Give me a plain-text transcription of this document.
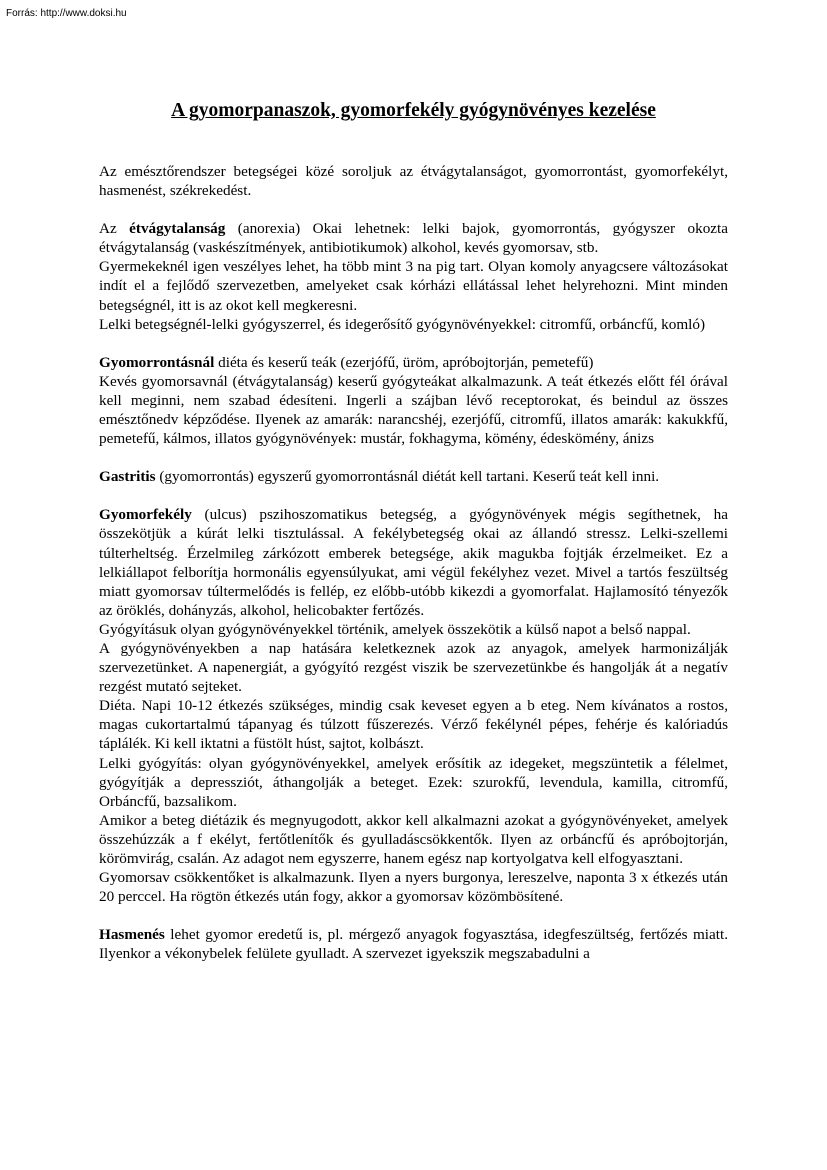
Forrás: http://www.doksi.hu
A gyomorpanaszok, gyomorfekély gyógynövényes kezelése

Az emésztőrendszer betegségei közé soroljuk az étvágytalanságot, gyomorrontást, gyomorfekélyt, hasmenést, székrekedést.

Az étvágytalanság (anorexia) Okai lehetnek: lelki bajok, gyomorrontás, gyógyszer okozta étvágytalanság (vaskészítmények, antibiotikumok) alkohol, kevés gyomorsav, stb.

Gyermekeknél igen veszélyes lehet, ha több mint 3 na pig tart. Olyan komoly anyagcsere változásokat indít el a fejlődő szervezetben, amelyeket csak kórházi ellátással lehet helyrehozni. Mint minden betegségnél, itt is az okot kell megkeresni.

Lelki betegségnél-lelki gyógyszerrel, és idegerősítő gyógynövényekkel: citromfű, orbáncfű, komló)

Gyomorrontásnál diéta és keserű teák (ezerjófű, üröm, apróbojtorján, pemetefű)

Kevés gyomorsavnál (étvágytalanság) keserű gyógyteákat alkalmazunk. A teát étkezés előtt fél órával kell meginni, nem szabad édesíteni. Ingerli a szájban lévő receptorokat, és beindul az összes emésztőnedv képződése. Ilyenek az amarák: narancshéj, ezerjófű, citromfű, illatos amarák: kakukkfű, pemetefű, kálmos, illatos gyógynövények: mustár, fokhagyma, kömény, édeskömény, ánizs

Gastritis (gyomorrontás) egyszerű gyomorrontásnál diétát kell tartani. Keserű teát kell inni.

Gyomorfekély (ulcus) pszihoszomatikus betegség, a gyógynövények mégis segíthetnek, ha összekötjük a kúrát lelki tisztulással. A fekélybetegség okai az állandó stressz. Lelki-szellemi túlterheltség. Érzelmileg zárkózott emberek betegsége, akik magukba fojtják érzelmeiket. Ez a lelkiállapot felborítja hormonális egyensúlyukat, ami végül fekélyhez vezet. Mivel a tartós feszültség miatt gyomorsav túltermelődés is fellép, ez előbb-utóbb kikezdi a gyomorfalat. Hajlamosító tényezők az öröklés, dohányzás, alkohol, helicobakter fertőzés.

Gyógyításuk olyan gyógynövényekkel történik, amelyek összekötik a külső napot a belső nappal.

A gyógynövényekben a nap hatására keletkeznek azok az anyagok, amelyek harmonizálják szervezetünket. A napenergiát, a gyógyító rezgést viszik be szervezetünkbe és hangolják át a negatív rezgést mutató sejteket.

Diéta. Napi 10-12 étkezés szükséges, mindig csak keveset egyen a b eteg. Nem kívánatos a rostos, magas cukortartalmú tápanyag és túlzott fűszerezés. Vérző fekélynél pépes, fehérje és kalóriadús táplálék. Ki kell iktatni a füstölt húst, sajtot, kolbászt.

Lelki gyógyítás: olyan gyógynövényekkel, amelyek erősítik az idegeket, megszüntetik a félelmet, gyógyítják a depressziót, áthangolják a beteget. Ezek: szurokfű, levendula, kamilla, citromfű, Orbáncfű, bazsalikom.

Amikor a beteg diétázik és megnyugodott, akkor kell alkalmazni azokat a gyógynövényeket, amelyek összehúzzák a f ekélyt, fertőtlenítők és gyulladáscsökkentők. Ilyen az orbáncfű és apróbojtorján, körömvirág, csalán. Az adagot nem egyszerre, hanem egész nap kortyolgatva kell elfogyasztani.

Gyomorsav csökkentőket is alkalmazunk. Ilyen a nyers burgonya, lereszelve, naponta 3 x étkezés után 20 perccel. Ha rögtön étkezés után fogy, akkor a gyomorsav közömbösítené.

Hasmenés lehet gyomor eredetű is, pl. mérgező anyagok fogyasztása, idegfeszültség, fertőzés miatt. Ilyenkor a vékonybelek felülete gyulladt. A szervezet igyekszik megszabadulni a
